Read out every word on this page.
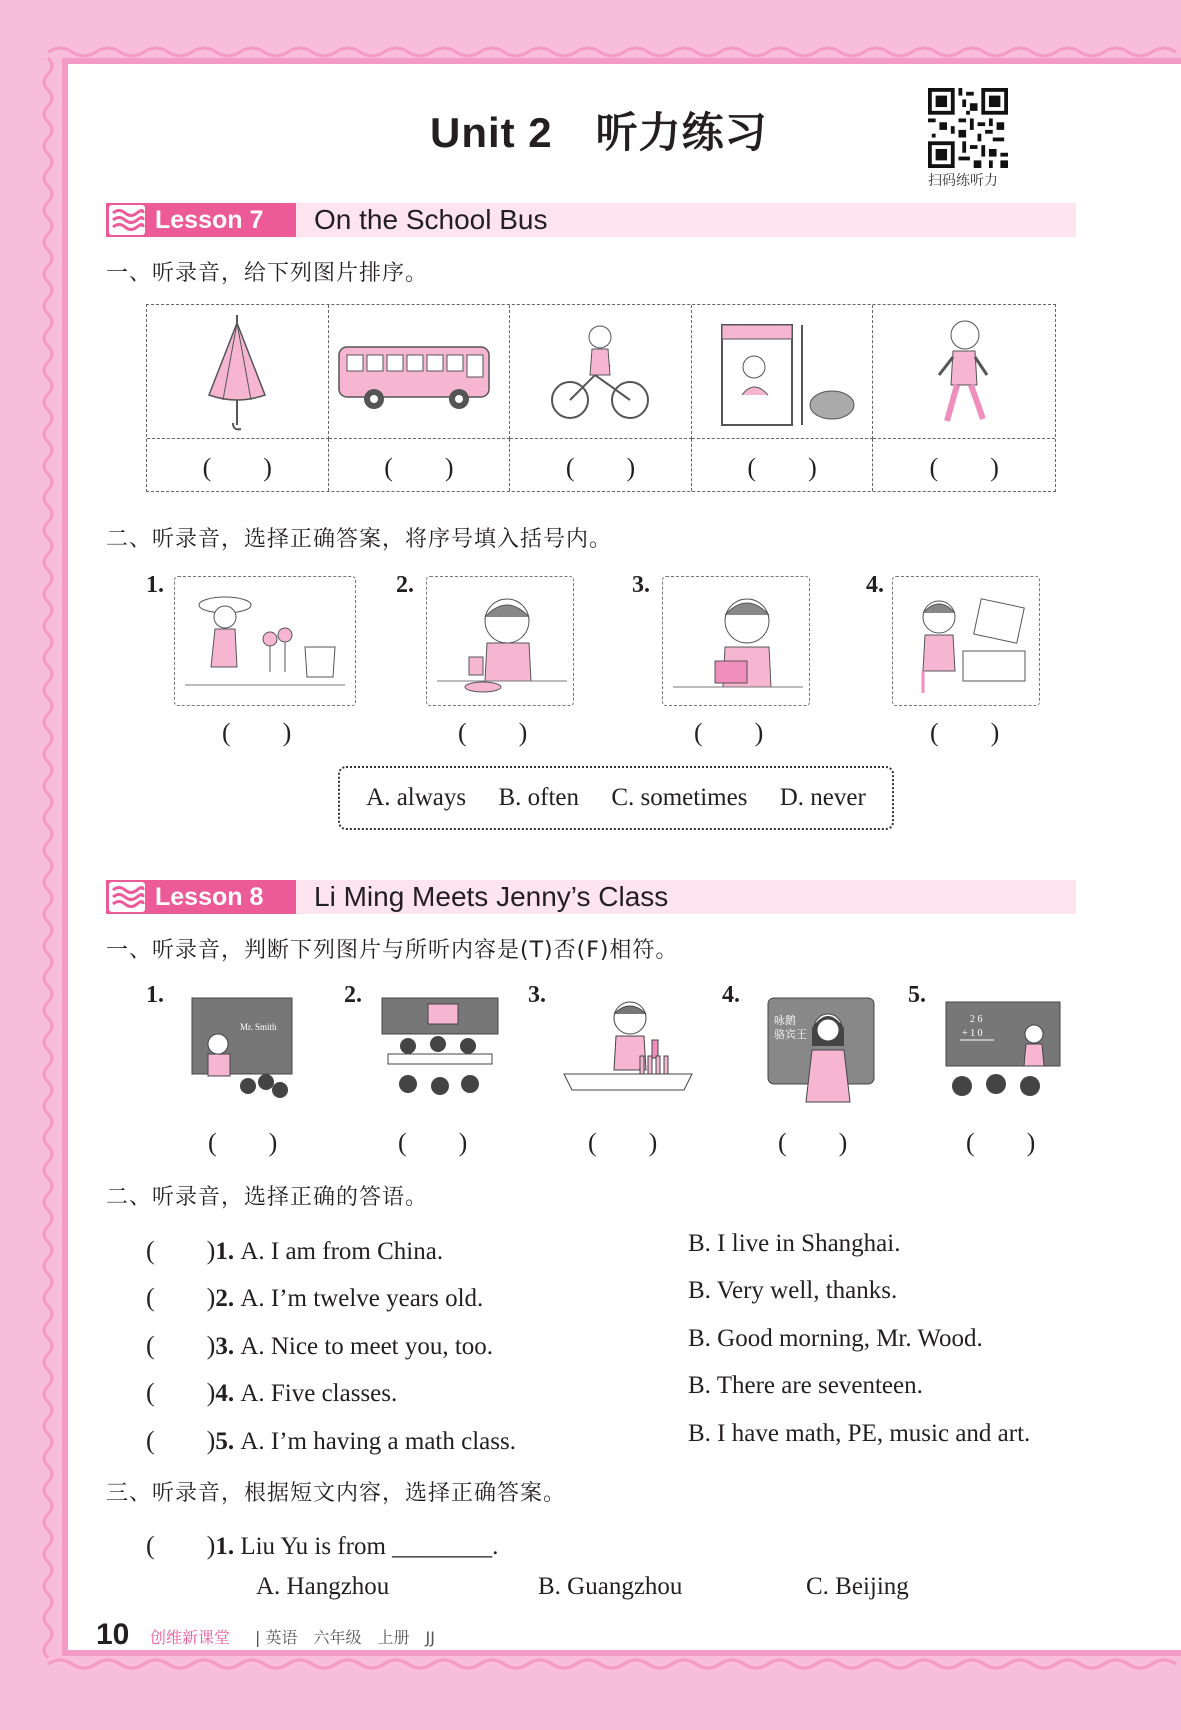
Unit 2　听力练习
扫码练听力
Lesson 7 On the School Bus
一、听录音，给下列图片排序。
(　　)	(　　)	(　　)	(　　)	(　　)
二、听录音，选择正确答案，将序号填入括号内。
1.
(　　)
2.
(　　)
3.
(　　)
4.
(　　)
A. always B. often C. sometimes D. never
Lesson 8 Li Ming Meets Jenny’s Class
一、听录音，判断下列图片与所听内容是(T)否(F)相符。
1.
Mr. Smith
(　　)
2.
(　　)
3.
(　　)
4.
咏鹅
骆宾王
(　　)
5.
2 6
+ 1 0
(　　)
二、听录音，选择正确的答语。
(　　)1. A. I am from China.	B. I live in Shanghai.
(　　)2. A. I’m twelve years old.	B. Very well, thanks.
(　　)3. A. Nice to meet you, too.	B. Good morning, Mr. Wood.
(　　)4. A. Five classes.	B. There are seventeen.
(　　)5. A. I’m having a math class.	B. I have math, PE, music and art.
三、听录音，根据短文内容，选择正确答案。
(　　)1. Liu Yu is from ________.
A. Hangzhou	B. Guangzhou	C. Beijing
10 创维新课堂 | 英语　六年级　上册　JJ
